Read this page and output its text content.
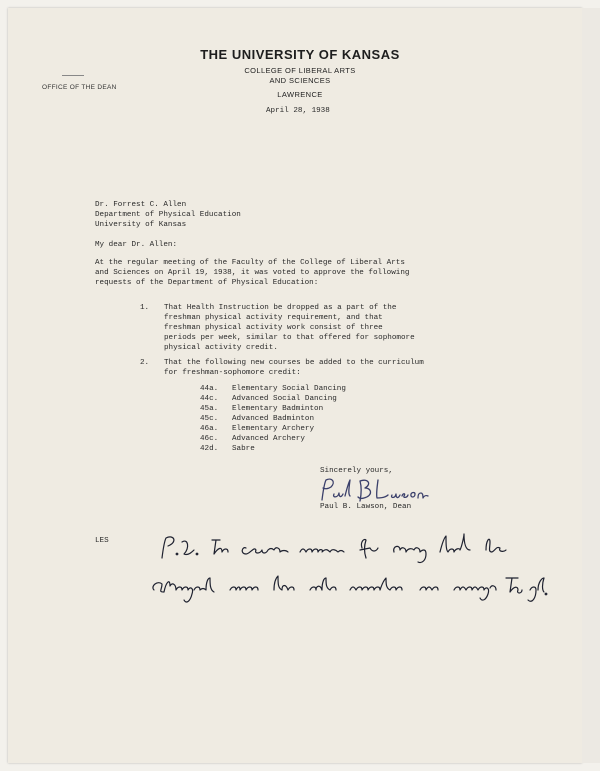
THE UNIVERSITY OF KANSAS
COLLEGE OF LIBERAL ARTS
AND SCIENCES
LAWRENCE
OFFICE OF THE DEAN
April 28, 1938
Dr. Forrest C. Allen
Department of Physical Education
University of Kansas
My dear Dr. Allen:
At the regular meeting of the Faculty of the College of Liberal Arts
and Sciences on April 19, 1938, it was voted to approve the following
requests of the Department of Physical Education:
1. That Health Instruction be dropped as a part of the
freshman physical activity requirement, and that
freshman physical activity work consist of three
periods per week, similar to that offered for sophomore
physical activity credit.
2. That the following new courses be added to the curriculum
for freshman-sophomore credit:
44a. Elementary Social Dancing
44c. Advanced Social Dancing
45a. Elementary Badminton
45c. Advanced Badminton
46a. Elementary Archery
46c. Advanced Archery
42d. Sabre
Sincerely yours,
Paul B. Lawson, Dean
LES
